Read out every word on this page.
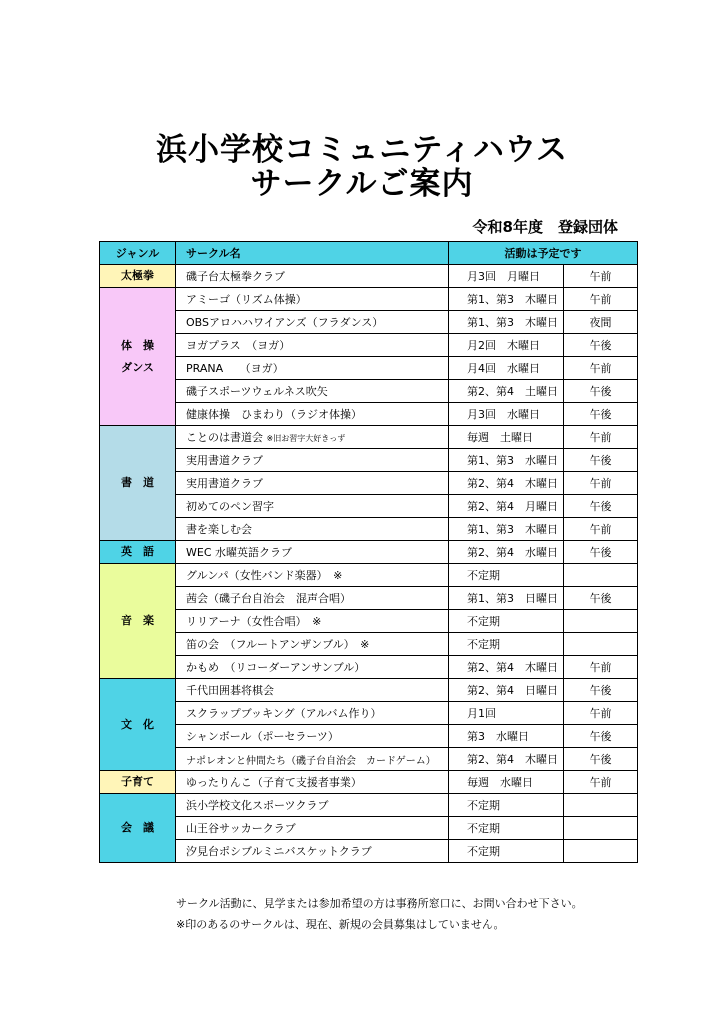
浜小学校コミュニティハウス
サークルご案内
令和8年度　登録団体
ジャンル	サークル名	活動は予定です	
太極拳	磯子台太極拳クラブ	月3回　月曜日	午前

体　操
ダンス	アミーゴ（リズム体操）	第1、第3　木曜日	午前
	OBSアロハハワイアンズ（フラダンス）	第1、第3　木曜日	夜間
	ヨガプラス　（ヨガ）	月2回　木曜日	午後
	PRANA　　（ヨガ）	月4回　水曜日	午前
	磯子スポーツウェルネス吹矢	第2、第4　土曜日	午後
	健康体操　ひまわり（ラジオ体操）	月3回　水曜日	午後
書　道	ことのは書道会 ※旧お習字大好きっず	毎週　土曜日	午前
	実用書道クラブ	第1、第3　水曜日	午後
	実用書道クラブ	第2、第4　木曜日	午前
	初めてのペン習字	第2、第4　月曜日	午後
	書を楽しむ会	第1、第3　木曜日	午前
英　語	WEC 水曜英語クラブ	第2、第4　水曜日	午後
音　楽	グルンパ（女性バンド楽器）　※	不定期	
	茜会（磯子台自治会　混声合唱）	第1、第3　日曜日	午後
	リリアーナ（女性合唱）　※	不定期	
	笛の会　（フルートアンザンブル）　※	不定期	
	かもめ　（リコーダーアンサンブル）	第2、第4　木曜日	午前
文　化	千代田囲碁将棋会	第2、第4　日曜日	午後
	スクラップブッキング（アルバム作り）	月1回	午前
	シャンボール（ポーセラーツ）	第3　水曜日	午後
	ナポレオンと仲間たち（磯子台自治会　カードゲーム）	第2、第4　木曜日	午後
子育て	ゆったりんこ（子育て支援者事業）	毎週　水曜日	午前
会　議	浜小学校文化スポーツクラブ	不定期	
	山王谷サッカークラブ	不定期	
	汐見台ポシブルミニバスケットクラブ	不定期	
サークル活動に、見学または参加希望の方は事務所窓口に、お問い合わせ下さい。
※印のあるのサークルは、現在、新規の会員募集はしていません。
